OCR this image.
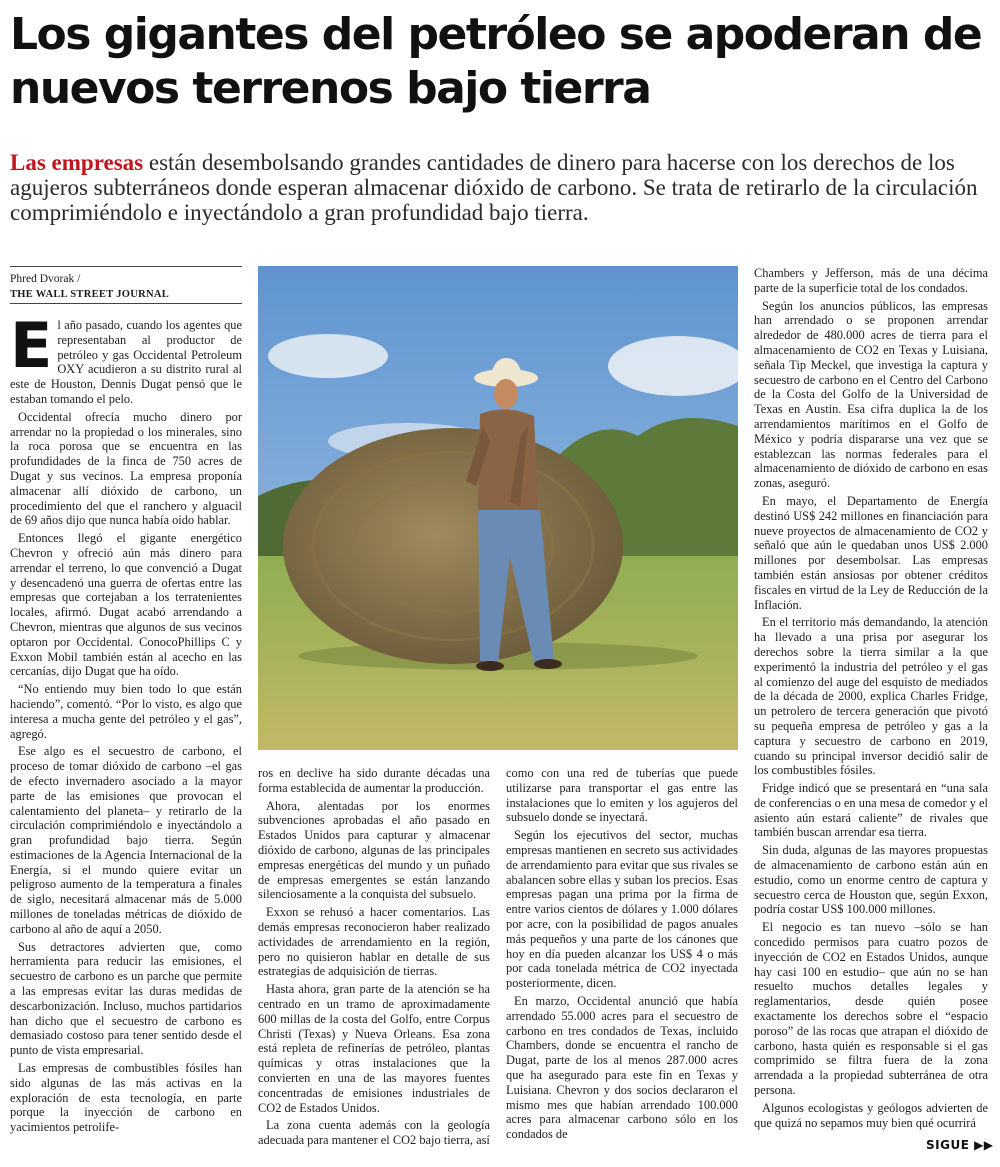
Los gigantes del petróleo se apoderan de nuevos terrenos bajo tierra

Las empresas están desembolsando grandes cantidades de dinero para hacerse con los derechos de los agujeros subterráneos donde esperan almacenar dióxido de carbono. Se trata de retirarlo de la circulación comprimiéndolo e inyectándolo a gran profundidad bajo tierra.

Phred Dvorak /
THE WALL STREET JOURNAL

El año pasado, cuando los agentes que representaban al productor de petróleo y gas Occidental Petroleum OXY acudieron a su distrito rural al este de Houston, Dennis Dugat pensó que le estaban tomando el pelo.

Occidental ofrecía mucho dinero por arrendar no la propiedad o los minerales, sino la roca porosa que se encuentra en las profundidades de la finca de 750 acres de Dugat y sus vecinos. La empresa proponía almacenar allí dióxido de carbono, un procedimiento del que el ranchero y alguacil de 69 años dijo que nunca había oído hablar.

Entonces llegó el gigante energético Chevron y ofreció aún más dinero para arrendar el terreno, lo que convenció a Dugat y desencadenó una guerra de ofertas entre las empresas que cortejaban a los terratenientes locales, afirmó. Dugat acabó arrendando a Chevron, mientras que algunos de sus vecinos optaron por Occidental. ConocoPhillips C y Exxon Mobil también están al acecho en las cercanías, dijo Dugat que ha oído.

“No entiendo muy bien todo lo que están haciendo”, comentó. “Por lo visto, es algo que interesa a mucha gente del petróleo y el gas”, agregó.

Ese algo es el secuestro de carbono, el proceso de tomar dióxido de carbono –el gas de efecto invernadero asociado a la mayor parte de las emisiones que provocan el calentamiento del planeta– y retirarlo de la circulación comprimiéndolo e inyectándolo a gran profundidad bajo tierra. Según estimaciones de la Agencia Internacional de la Energía, si el mundo quiere evitar un peligroso aumento de la temperatura a finales de siglo, necesitará almacenar más de 5.000 millones de toneladas métricas de dióxido de carbono al año de aquí a 2050.

Sus detractores advierten que, como herramienta para reducir las emisiones, el secuestro de carbono es un parche que permite a las empresas evitar las duras medidas de descarbonización. Incluso, muchos partidarios han dicho que el secuestro de carbono es demasiado costoso para tener sentido desde el punto de vista empresarial.

Las empresas de combustibles fósiles han sido algunas de las más activas en la exploración de esta tecnología, en parte porque la inyección de carbono en yacimientos petrolife-

ros en declive ha sido durante décadas una forma establecida de aumentar la producción.

Ahora, alentadas por los enormes subvenciones aprobadas el año pasado en Estados Unidos para capturar y almacenar dióxido de carbono, algunas de las principales empresas energéticas del mundo y un puñado de empresas emergentes se están lanzando silenciosamente a la conquista del subsuelo.

Exxon se rehusó a hacer comentarios. Las demás empresas reconocieron haber realizado actividades de arrendamiento en la región, pero no quisieron hablar en detalle de sus estrategias de adquisición de tierras.

Hasta ahora, gran parte de la atención se ha centrado en un tramo de aproximadamente 600 millas de la costa del Golfo, entre Corpus Christi (Texas) y Nueva Orleans. Esa zona está repleta de refinerías de petróleo, plantas químicas y otras instalaciones que la convierten en una de las mayores fuentes concentradas de emisiones industriales de CO2 de Estados Unidos.

La zona cuenta además con la geología adecuada para mantener el CO2 bajo tierra, así

como con una red de tuberías que puede utilizarse para transportar el gas entre las instalaciones que lo emiten y los agujeros del subsuelo donde se inyectará.

Según los ejecutivos del sector, muchas empresas mantienen en secreto sus actividades de arrendamiento para evitar que sus rivales se abalancen sobre ellas y suban los precios. Esas empresas pagan una prima por la firma de entre varios cientos de dólares y 1.000 dólares por acre, con la posibilidad de pagos anuales más pequeños y una parte de los cánones que hoy en día pueden alcanzar los US$ 4 o más por cada tonelada métrica de CO2 inyectada posteriormente, dicen.

En marzo, Occidental anunció que había arrendado 55.000 acres para el secuestro de carbono en tres condados de Texas, incluido Chambers, donde se encuentra el rancho de Dugat, parte de los al menos 287.000 acres que ha asegurado para este fin en Texas y Luisiana. Chevron y dos socios declararon el mismo mes que habían arrendado 100.000 acres para almacenar carbono sólo en los condados de

Chambers y Jefferson, más de una décima parte de la superficie total de los condados.

Según los anuncios públicos, las empresas han arrendado o se proponen arrendar alrededor de 480.000 acres de tierra para el almacenamiento de CO2 en Texas y Luisiana, señala Tip Meckel, que investiga la captura y secuestro de carbono en el Centro del Carbono de la Costa del Golfo de la Universidad de Texas en Austin. Esa cifra duplica la de los arrendamientos marítimos en el Golfo de México y podría dispararse una vez que se establezcan las normas federales para el almacenamiento de dióxido de carbono en esas zonas, aseguró.

En mayo, el Departamento de Energía destinó US$ 242 millones en financiación para nueve proyectos de almacenamiento de CO2 y señaló que aún le quedaban unos US$ 2.000 millones por desembolsar. Las empresas también están ansiosas por obtener créditos fiscales en virtud de la Ley de Reducción de la Inflación.

En el territorio más demandando, la atención ha llevado a una prisa por asegurar los derechos sobre la tierra similar a la que experimentó la industria del petróleo y el gas al comienzo del auge del esquisto de mediados de la década de 2000, explica Charles Fridge, un petrolero de tercera generación que pivotó su pequeña empresa de petróleo y gas a la captura y secuestro de carbono en 2019, cuando su principal inversor decidió salir de los combustibles fósiles.

Fridge indicó que se presentará en “una sala de conferencias o en una mesa de comedor y el asiento aún estará caliente” de rivales que también buscan arrendar esa tierra.

Sin duda, algunas de las mayores propuestas de almacenamiento de carbono están aún en estudio, como un enorme centro de captura y secuestro cerca de Houston que, según Exxon, podría costar US$ 100.000 millones.

El negocio es tan nuevo –sólo se han concedido permisos para cuatro pozos de inyección de CO2 en Estados Unidos, aunque hay casi 100 en estudio– que aún no se han resuelto muchos detalles legales y reglamentarios, desde quién posee exactamente los derechos sobre el “espacio poroso” de las rocas que atrapan el dióxido de carbono, hasta quién es responsable si el gas comprimido se filtra fuera de la zona arrendada a la propiedad subterránea de otra persona.

Algunos ecologistas y geólogos advierten de que quizá no sepamos muy bien qué ocurrirá

SIGUE ▶▶
